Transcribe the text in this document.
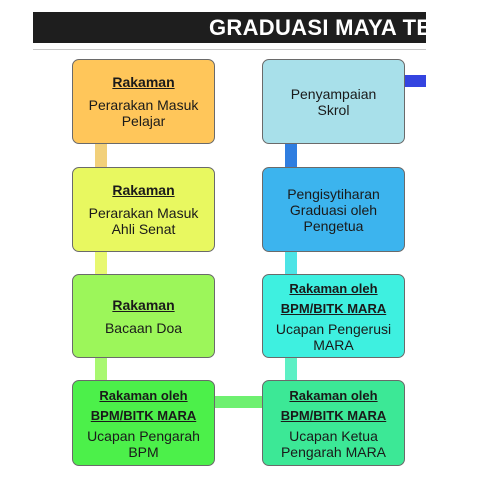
GRADUASI MAYA TERUS
Rakaman
Perarakan Masuk Pelajar
Rakaman
Perarakan Masuk Ahli Senat
Rakaman
Bacaan Doa
Rakaman oleh BPM/BITK MARA
Ucapan Pengarah BPM
Penyampaian Skrol
Pengisytiharan Graduasi oleh Pengetua
Rakaman oleh BPM/BITK MARA
Ucapan Pengerusi MARA
Rakaman oleh BPM/BITK MARA
Ucapan Ketua Pengarah MARA
